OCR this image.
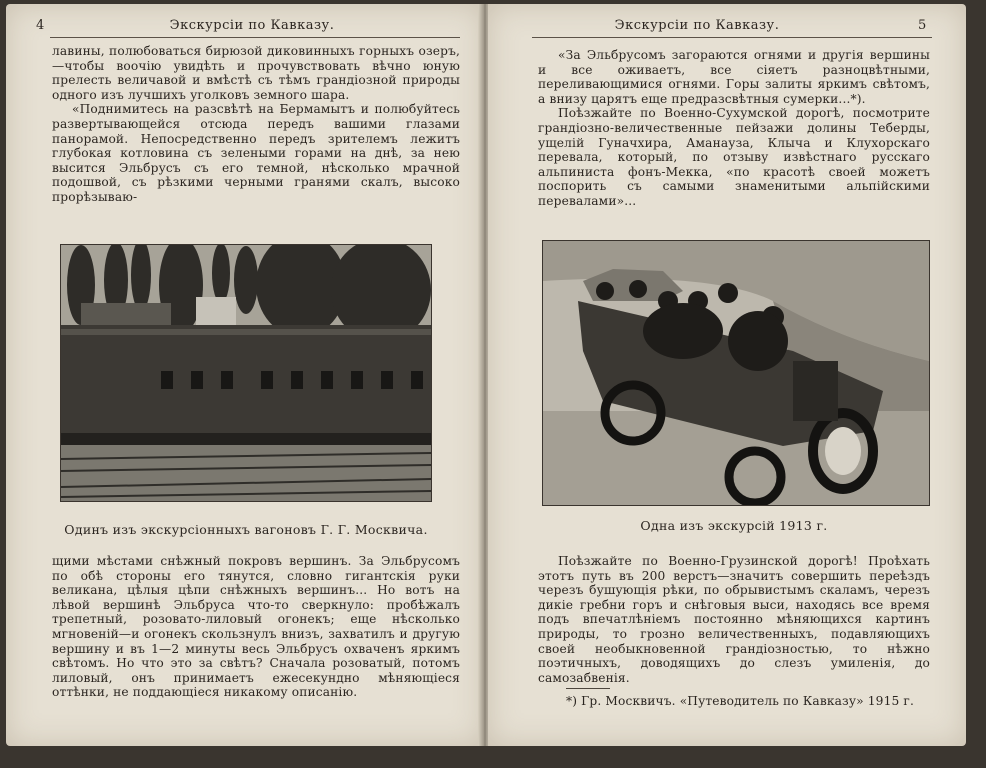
4	Экскурсіи по Кавказу.

лавины, полюбоваться бирюзой диковинныхъ горныхъ озеръ,—чтобы воочію увидѣть и прочувствовать вѣчно юную прелесть величавой и вмѣстѣ съ тѣмъ грандіозной природы одного изъ лучшихъ уголковъ земного шара.

«Поднимитесь на разсвѣтѣ на Бермамытъ и полюбуйтесь развертывающейся отсюда передъ вашими глазами панорамой. Непосредственно передъ зрителемъ лежитъ глубокая котловина съ зелеными горами на днѣ, за нею высится Эльбрусъ съ его темной, нѣсколько мрачной подошвой, съ рѣзкими черными гранями скалъ, высоко прорѣзываю-

Одинъ изъ экскурсіонныхъ вагоновъ Г. Г. Москвича.

щими мѣстами снѣжный покровъ вершинъ. За Эльбрусомъ по обѣ стороны его тянутся, словно гигантскія руки великана, цѣлыя цѣпи снѣжныхъ вершинъ... Но вотъ на лѣвой вершинѣ Эльбруса что-то сверкнуло: пробѣжалъ трепетный, розовато-лиловый огонекъ; еще нѣсколько мгновеній—и огонекъ скользнулъ внизъ, захватилъ и другую вершину и въ 1—2 минуты весь Эльбрусъ охваченъ яркимъ свѣтомъ. Но что это за свѣтъ? Сначала розоватый, потомъ лиловый, онъ принимаетъ ежесекундно мѣняющіеся оттѣнки, не поддающіеся никакому описанію.

Экскурсіи по Кавказу.	5

«За Эльбрусомъ загораются огнями и другія вершины и все оживаетъ, все сіяетъ разноцвѣтными, переливающимися огнями. Горы залиты яркимъ свѣтомъ, а внизу царятъ еще предразсвѣтныя сумерки...*).

Поѣзжайте по Военно-Сухумской дорогѣ, посмотрите грандіозно-величественные пейзажи долины Теберды, ущелій Гуначхира, Аманауза, Клыча и Клухорскаго перевала, который, по отзыву извѣстнаго русскаго альпиниста фонъ-Мекка, «по красотѣ своей можетъ поспорить съ самыми знаменитыми альпійскими перевалами»...

Одна изъ экскурсій 1913 г.

Поѣзжайте по Военно-Грузинской дорогѣ! Проѣхать этотъ путь въ 200 верстъ—значитъ совершить переѣздъ черезъ бушующія рѣки, по обрывистымъ скаламъ, черезъ дикіе гребни горъ и снѣговыя выси, находясь все время подъ впечатлѣніемъ постоянно мѣняющихся картинъ природы, то грозно величественныхъ, подавляющихъ своей необыкновенной грандіозностью, то нѣжно поэтичныхъ, доводящихъ до слезъ умиленія, до самозабвенія.

*) Гр. Москвичъ. «Путеводитель по Кавказу» 1915 г.
